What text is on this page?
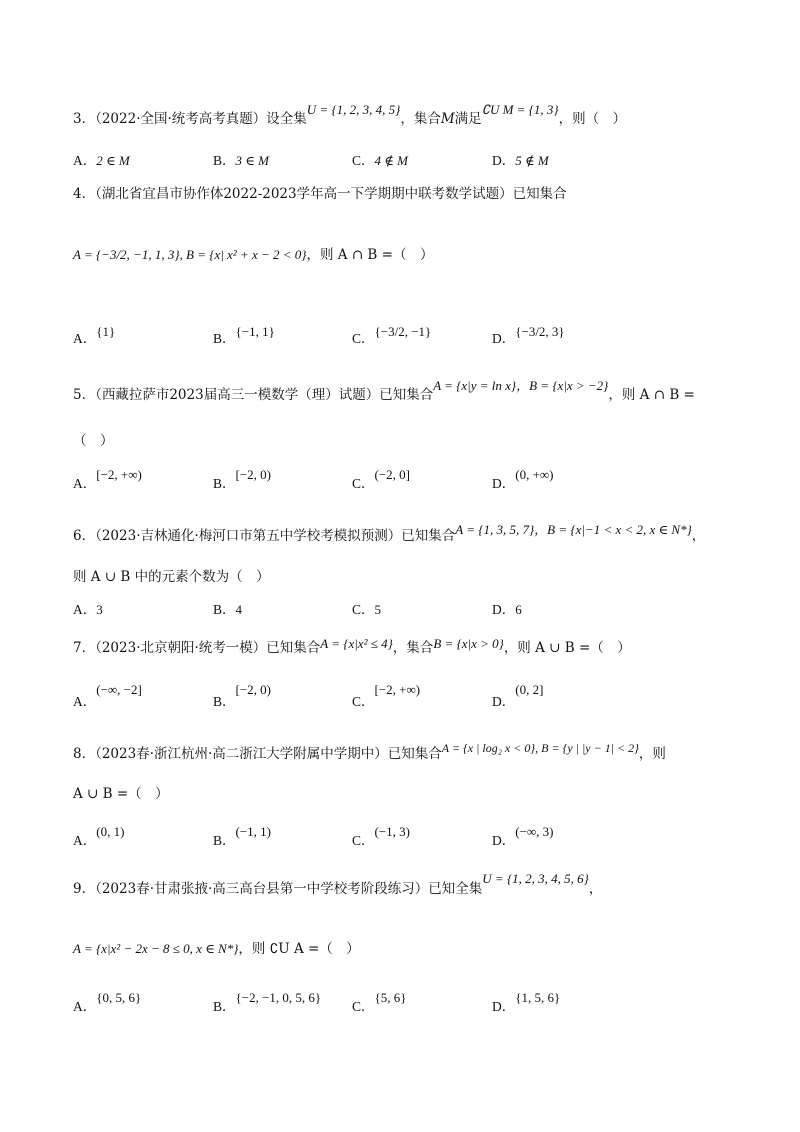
3．（2022·全国·统考高考真题）设全集U = {1, 2, 3, 4, 5}，集合M满足∁U M = {1, 3}，则（　）
A．2 ∈ M	B．3 ∈ M	C．4 ∉ M	D．5 ∉ M
4．（湖北省宜昌市协作体2022-2023学年高一下学期期中联考数学试题）已知集合
A = {−3/2, −1, 1, 3}, B = {x| x² + x − 2 < 0}，则 A ∩ B =（　）
A．{1}	B．{−1, 1}	C．{−3/2, −1}	D．{−3/2, 3}
5．（西藏拉萨市2023届高三一模数学（理）试题）已知集合A = {x|y = ln x}，B = {x|x > −2}，则 A ∩ B =
（　）
A．[−2, +∞)
B．[−2, 0)
C．(−2, 0]
D．(0, +∞)
6．（2023·吉林通化·梅河口市第五中学校考模拟预测）已知集合A = {1, 3, 5, 7}，B = {x|−1 < x < 2, x ∈ N*}，
则 A ∪ B 中的元素个数为（　）
A．3	B．4	C．5	D．6
7．（2023·北京朝阳·统考一模）已知集合A = {x|x² ≤ 4}，集合B = {x|x > 0}，则 A ∪ B =（　）
A．(−∞, −2]
B．[−2, 0)
C．[−2, +∞)
D．(0, 2]
8．（2023春·浙江杭州·高二浙江大学附属中学期中）已知集合A = {x | log₂ x < 0}, B = {y | |y − 1| < 2}，则
A ∪ B =（　）
A．(0, 1)
B．(−1, 1)
C．(−1, 3)
D．(−∞, 3)
9．（2023春·甘肃张掖·高三高台县第一中学校考阶段练习）已知全集U = {1, 2, 3, 4, 5, 6}，
A = {x|x² − 2x − 8 ≤ 0, x ∈ N*}，则 ∁U A =（　）
A．{0, 5, 6}
B．{−2, −1, 0, 5, 6}
C．{5, 6}
D．{1, 5, 6}
